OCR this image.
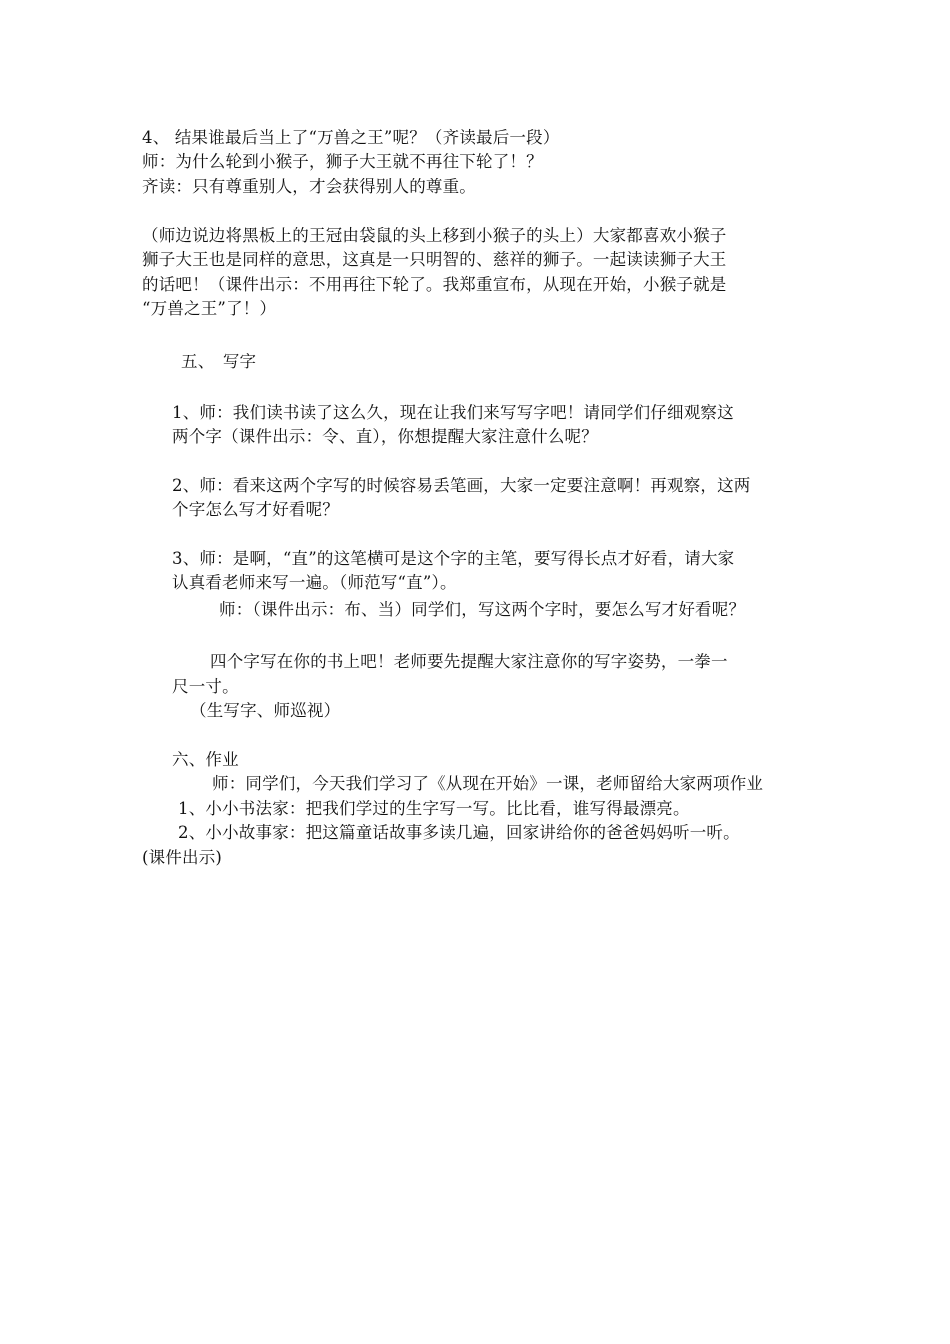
4、 结果谁最后当上了“万兽之王”呢？（齐读最后一段）
师：为什么轮到小猴子，狮子大王就不再往下轮了！？
齐读：只有尊重别人，才会获得别人的尊重。
（师边说边将黑板上的王冠由袋鼠的头上移到小猴子的头上）大家都喜欢小猴子
狮子大王也是同样的意思，这真是一只明智的、慈祥的狮子。一起读读狮子大王
的话吧！（课件出示：不用再往下轮了。我郑重宣布，从现在开始，小猴子就是
“万兽之王”了！）
五、　写字
1、师：我们读书读了这么久，现在让我们来写写字吧！请同学们仔细观察这
两个字（课件出示：令、直），你想提醒大家注意什么呢？
2、师：看来这两个字写的时候容易丢笔画，大家一定要注意啊！再观察，这两
个字怎么写才好看呢？
3、师：是啊，“直”的这笔横可是这个字的主笔，要写得长点才好看，请大家
认真看老师来写一遍。（师范写“直”）。
师：（课件出示：布、当）同学们，写这两个字时，要怎么写才好看呢？
四个字写在你的书上吧！老师要先提醒大家注意你的写字姿势，一拳一
尺一寸。
（生写字、师巡视）
六、作业
师：同学们，今天我们学习了《从现在开始》一课，老师留给大家两项作业
1、小小书法家：把我们学过的生字写一写。比比看，谁写得最漂亮。
2、小小故事家：把这篇童话故事多读几遍，回家讲给你的爸爸妈妈听一听。
(课件出示)
